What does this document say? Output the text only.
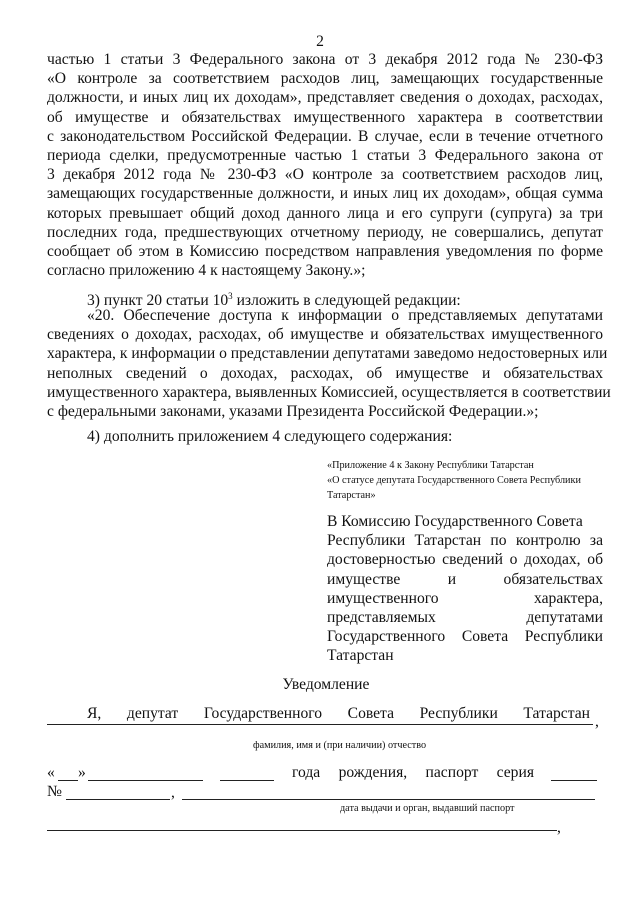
2
3) пункт 20 статьи $10^3$ изложить в следующей редакции:
4) дополнить приложением 4 следующего содержания:
Уведомление
Я, депутат Государственного Совета Республики Татарстан ,
фамилия, имя и (при наличии) отчество
« »	года рождения, паспорт серия
№	,
дата выдачи и орган, выдавший паспорт
,
частью 1 статьи 3 Федерального закона от 3 декабря 2012 года № 230-ФЗ
«О контроле за соответствием расходов лиц, замещающих государственные
должности, и иных лиц их доходам», представляет сведения о доходах, расходах,
об имуществе и обязательствах имущественного характера в соответствии
с законодательством Российской Федерации. В случае, если в течение отчетного
периода сделки, предусмотренные частью 1 статьи 3 Федерального закона от
3 декабря 2012 года № 230-ФЗ «О контроле за соответствием расходов лиц,
замещающих государственные должности, и иных лиц их доходам», общая сумма
которых превышает общий доход данного лица и его супруги (супруга) за три
последних года, предшествующих отчетному периоду, не совершались, депутат
сообщает об этом в Комиссию посредством направления уведомления по форме
согласно приложению 4 к настоящему Закону.»;
«20. Обеспечение доступа к информации о представляемых депутатами
сведениях о доходах, расходах, об имуществе и обязательствах имущественного
характера, к информации о представлении депутатами заведомо недостоверных или
неполных сведений о доходах, расходах, об имуществе и обязательствах
имущественного характера, выявленных Комиссией, осуществляется в соответствии
с федеральными законами, указами Президента Российской Федерации.»;
«Приложение 4 к Закону Республики Татарстан
«О статусе депутата Государственного Совета Республики
Татарстан»
В Комиссию Государственного Совета
Республики Татарстан по контролю за
достоверностью сведений о доходах, об
имуществе и обязательствах
имущественного характера,
представляемых депутатами
Государственного Совета Республики
Татарстан
